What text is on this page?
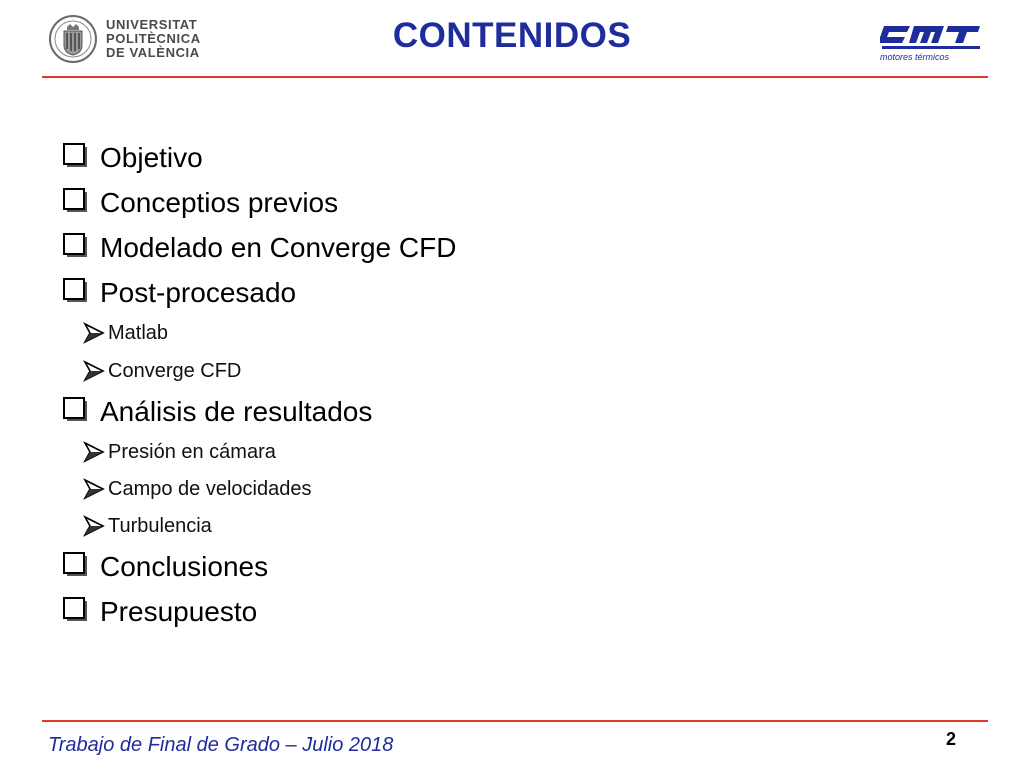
UNIVERSITAT
POLITÈCNICA
DE VALÈNCIA	CONTENIDOS
motores térmicos
Objetivo
Conceptios previos
Modelado en Converge CFD
Post-procesado
Matlab
Converge CFD
Análisis de resultados
Presión en cámara
Campo de velocidades
Turbulencia
Conclusiones
Presupuesto
Trabajo de Final de Grado – Julio 2018	2
